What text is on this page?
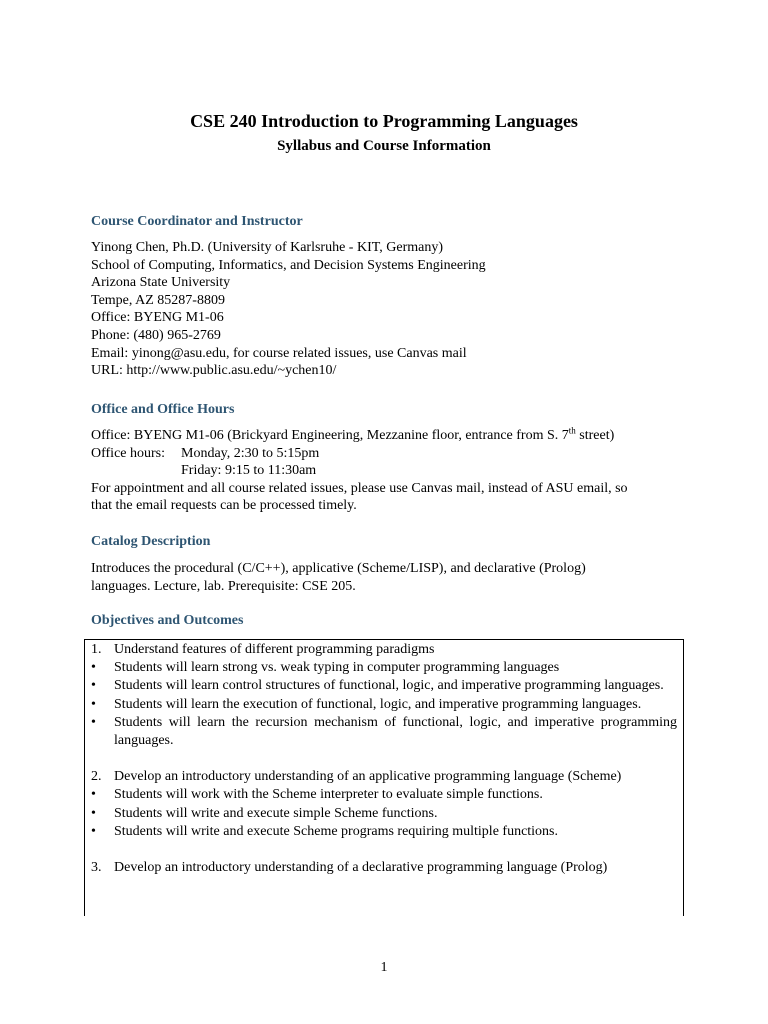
CSE 240 Introduction to Programming Languages
Syllabus and Course Information
Course Coordinator and Instructor
Yinong Chen, Ph.D. (University of Karlsruhe - KIT, Germany)
School of Computing, Informatics, and Decision Systems Engineering
Arizona State University
Tempe, AZ 85287-8809
Office: BYENG M1-06
Phone: (480) 965-2769
Email: yinong@asu.edu, for course related issues, use Canvas mail
URL: http://www.public.asu.edu/~ychen10/
Office and Office Hours
Office: BYENG M1-06 (Brickyard Engineering, Mezzanine floor, entrance from S. 7th street)
Office hours: Monday, 2:30 to 5:15pm
Friday: 9:15 to 11:30am
For appointment and all course related issues, please use Canvas mail, instead of ASU email, so
that the email requests can be processed timely.
Catalog Description
Introduces the procedural (C/C++), applicative (Scheme/LISP), and declarative (Prolog)
languages. Lecture, lab. Prerequisite: CSE 205.
Objectives and Outcomes
1. Understand features of different programming paradigms
• Students will learn strong vs. weak typing in computer programming languages
• Students will learn control structures of functional, logic, and imperative programming languages.
• Students will learn the execution of functional, logic, and imperative programming languages.
• Students will learn the recursion mechanism of functional, logic, and imperative programming languages.
2. Develop an introductory understanding of an applicative programming language (Scheme)
• Students will work with the Scheme interpreter to evaluate simple functions.
• Students will write and execute simple Scheme functions.
• Students will write and execute Scheme programs requiring multiple functions.
3. Develop an introductory understanding of a declarative programming language (Prolog)
1
